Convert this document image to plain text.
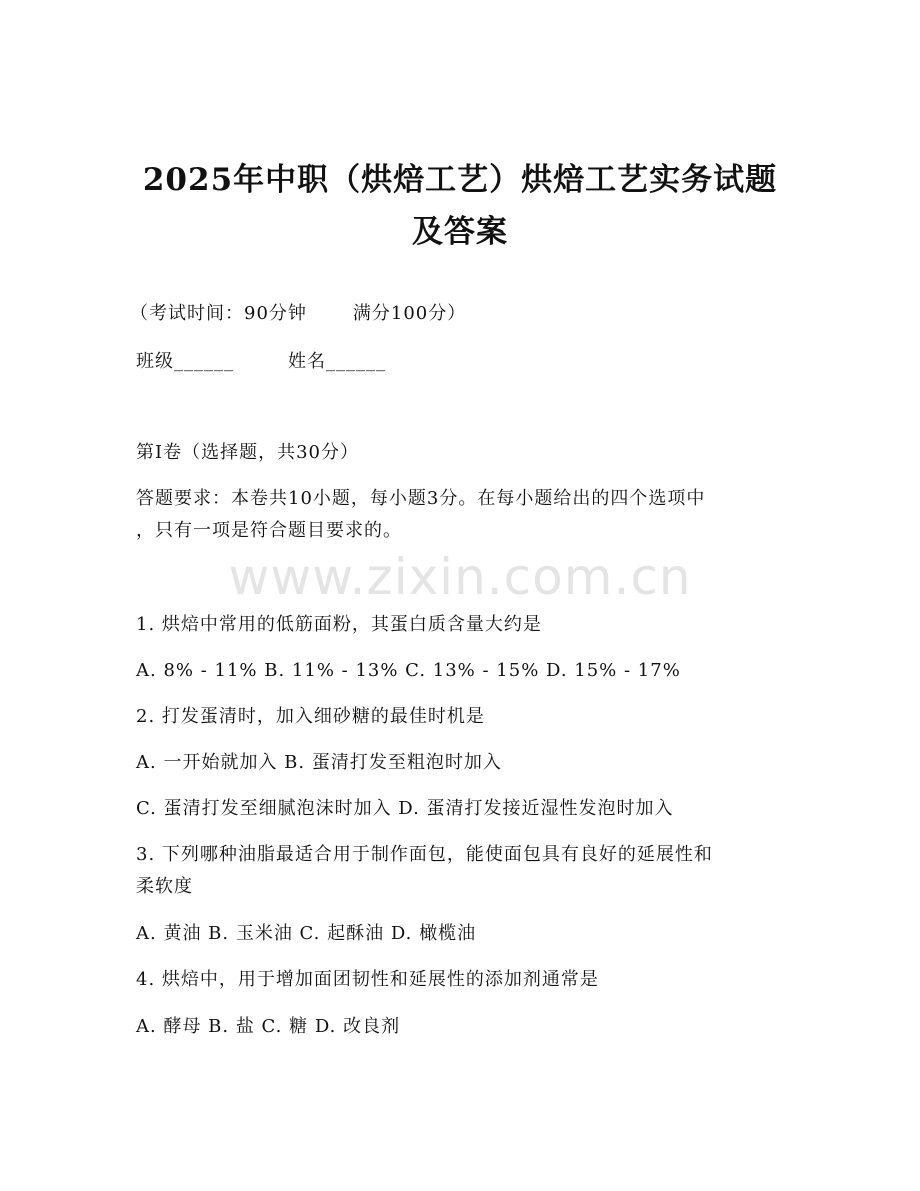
2025年中职（烘焙工艺）烘焙工艺实务试题
及答案
（考试时间：90分钟	满分100分）
班级______	姓名______
第I卷（选择题，共30分）
答题要求：本卷共10小题，每小题3分。在每小题给出的四个选项中
，只有一项是符合题目要求的。
www.zixin.com.cn
1. 烘焙中常用的低筋面粉，其蛋白质含量大约是
A. 8% - 11% B. 11% - 13% C. 13% - 15% D. 15% - 17%
2. 打发蛋清时，加入细砂糖的最佳时机是
A. 一开始就加入 B. 蛋清打发至粗泡时加入
C. 蛋清打发至细腻泡沫时加入 D. 蛋清打发接近湿性发泡时加入
3. 下列哪种油脂最适合用于制作面包，能使面包具有良好的延展性和
柔软度
A. 黄油 B. 玉米油 C. 起酥油 D. 橄榄油
4. 烘焙中，用于增加面团韧性和延展性的添加剂通常是
A. 酵母 B. 盐 C. 糖 D. 改良剂
